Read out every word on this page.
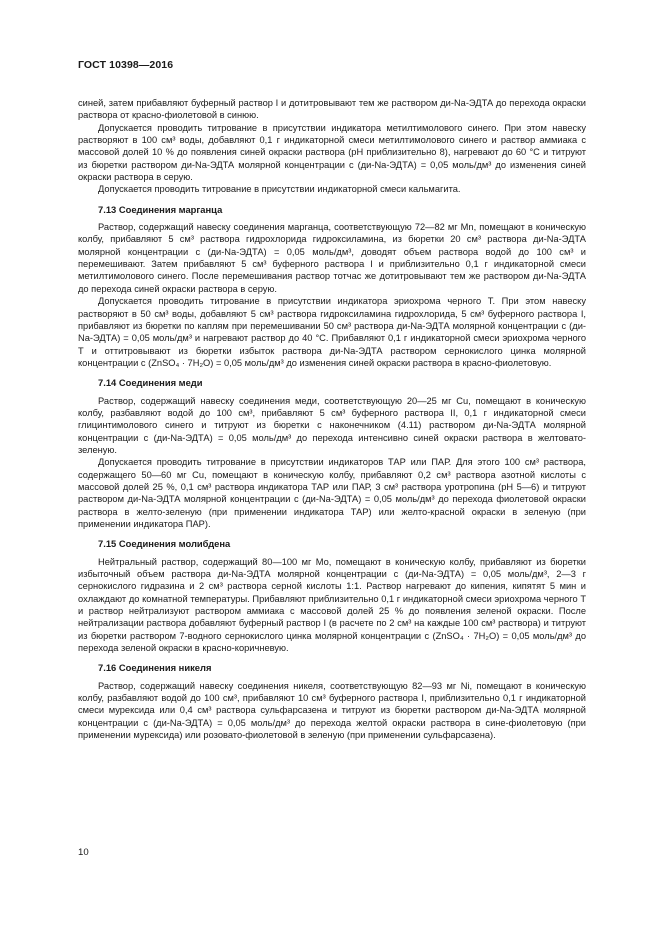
ГОСТ 10398—2016

синей, затем прибавляют буферный раствор I и дотитровывают тем же раствором ди-Na-ЭДТА до перехода окраски раствора от красно-фиолетовой в синюю.

Допускается проводить титрование в присутствии индикатора метилтимолового синего. При этом навеску растворяют в 100 см³ воды, добавляют 0,1 г индикаторной смеси метилтимолового синего и раствор аммиака с массовой долей 10 % до появления синей окраски раствора (рН приблизительно 8), нагревают до 60 °С и титруют из бюретки раствором ди-Na-ЭДТА молярной концентрации с (ди-Na-ЭДТА) = 0,05 моль/дм³ до изменения синей окраски раствора в серую.

Допускается проводить титрование в присутствии индикаторной смеси кальмагита.

7.13 Соединения марганца

Раствор, содержащий навеску соединения марганца, соответствующую 72—82 мг Mn, помещают в коническую колбу, прибавляют 5 см³ раствора гидрохлорида гидроксиламина, из бюретки 20 см³ раствора ди-Na-ЭДТА молярной концентрации с (ди-Na-ЭДТА) = 0,05 моль/дм³, доводят объем раствора водой до 100 см³ и перемешивают. Затем прибавляют 5 см³ буферного раствора I и приблизительно 0,1 г индикаторной смеси метилтимолового синего. После перемешивания раствор тотчас же дотитровывают тем же раствором ди-Na-ЭДТА до перехода синей окраски раствора в серую.

Допускается проводить титрование в присутствии индикатора эриохрома черного Т. При этом навеску растворяют в 50 см³ воды, добавляют 5 см³ раствора гидроксиламина гидрохлорида, 5 см³ буферного раствора I, прибавляют из бюретки по каплям при перемешивании 50 см³ раствора ди-Na-ЭДТА молярной концентрации с (ди-Na-ЭДТА) = 0,05 моль/дм³ и нагревают раствор до 40 °С. Прибавляют 0,1 г индикаторной смеси эриохрома черного Т и оттитровывают из бюретки избыток раствора ди-Na-ЭДТА раствором сернокислого цинка молярной концентрации с (ZnSO₄ · 7H₂O) = 0,05 моль/дм³ до изменения синей окраски раствора в красно-фиолетовую.

7.14 Соединения меди

Раствор, содержащий навеску соединения меди, соответствующую 20—25 мг Cu, помещают в коническую колбу, разбавляют водой до 100 см³, прибавляют 5 см³ буферного раствора II, 0,1 г индикаторной смеси глицинтимолового синего и титруют из бюретки с наконечником (4.11) раствором ди-Na-ЭДТА молярной концентрации с (ди-Na-ЭДТА) = 0,05 моль/дм³ до перехода интенсивно синей окраски раствора в желтовато-зеленую.

Допускается проводить титрование в присутствии индикаторов ТАР или ПАР. Для этого 100 см³ раствора, содержащего 50—60 мг Cu, помещают в коническую колбу, прибавляют 0,2 см³ раствора азотной кислоты с массовой долей 25 %, 0,1 см³ раствора индикатора ТАР или ПАР, 3 см³ раствора уротропина (рН 5—6) и титруют раствором ди-Na-ЭДТА молярной концентрации с (ди-Na-ЭДТА) = 0,05 моль/дм³ до перехода фиолетовой окраски раствора в желто-зеленую (при применении индикатора ТАР) или желто-красной окраски в зеленую (при применении индикатора ПАР).

7.15 Соединения молибдена

Нейтральный раствор, содержащий 80—100 мг Мо, помещают в коническую колбу, прибавляют из бюретки избыточный объем раствора ди-Na-ЭДТА молярной концентрации с (ди-Na-ЭДТА) = 0,05 моль/дм³, 2—3 г сернокислого гидразина и 2 см³ раствора серной кислоты 1:1. Раствор нагревают до кипения, кипятят 5 мин и охлаждают до комнатной температуры. Прибавляют приблизительно 0,1 г индикаторной смеси эриохрома черного Т и раствор нейтрализуют раствором аммиака с массовой долей 25 % до появления зеленой окраски. После нейтрализации раствора добавляют буферный раствор I (в расчете по 2 см³ на каждые 100 см³ раствора) и титруют из бюретки раствором 7-водного сернокислого цинка молярной концентрации с (ZnSO₄ · 7H₂O) = 0,05 моль/дм³ до перехода зеленой окраски в красно-коричневую.

7.16 Соединения никеля

Раствор, содержащий навеску соединения никеля, соответствующую 82—93 мг Ni, помещают в коническую колбу, разбавляют водой до 100 см³, прибавляют 10 см³ буферного раствора I, приблизительно 0,1 г индикаторной смеси мурексида или 0,4 см³ раствора сульфарсазена и титруют из бюретки раствором ди-Na-ЭДТА молярной концентрации с (ди-Na-ЭДТА) = 0,05 моль/дм³ до перехода желтой окраски раствора в сине-фиолетовую (при применении мурексида) или розовато-фиолетовой в зеленую (при применении сульфарсазена).

10
